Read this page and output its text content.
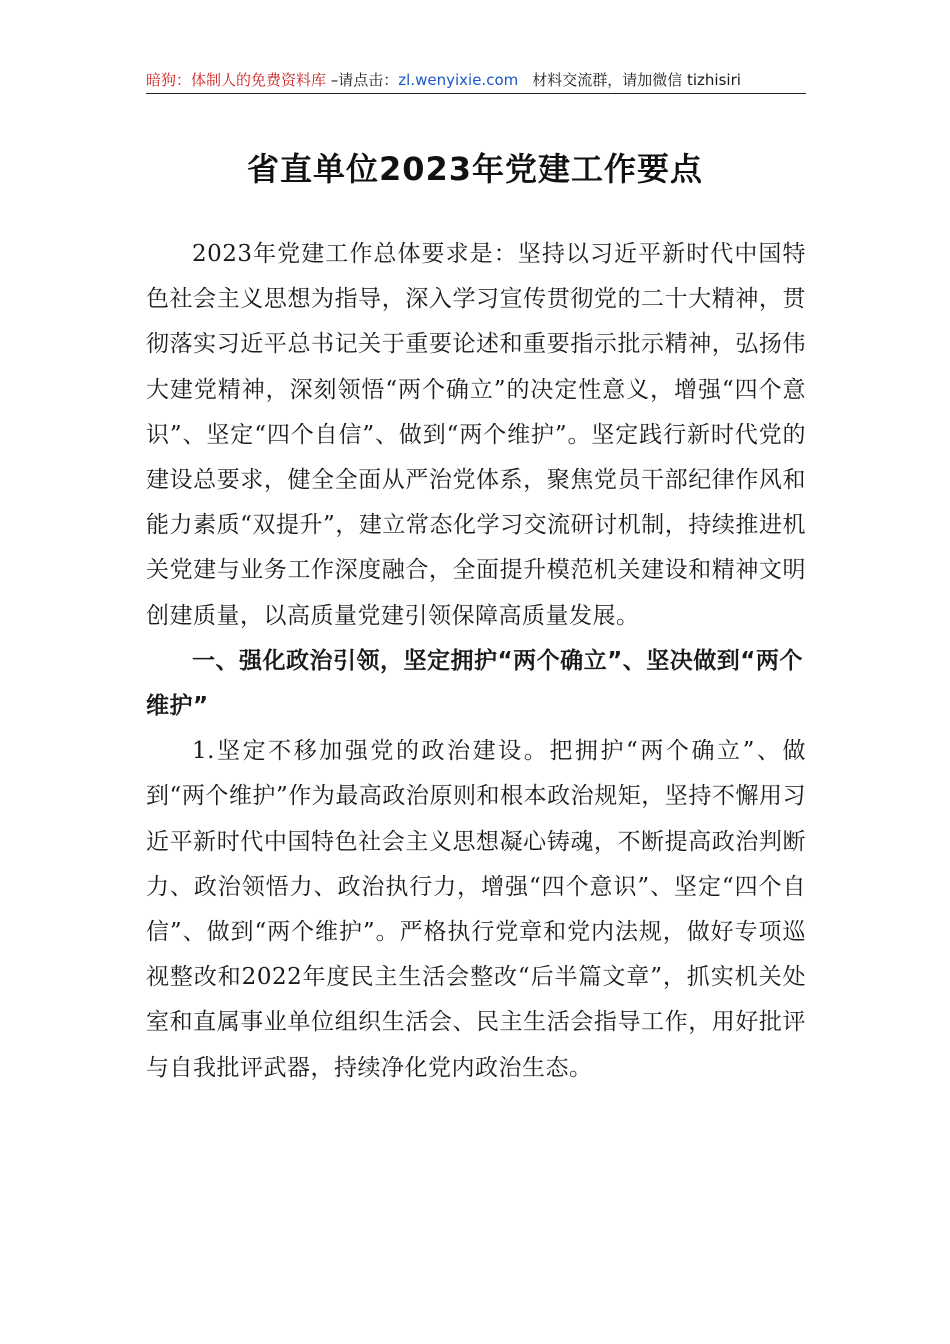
暗狗：体制人的免费资料库 –请点击：zl.wenyixie.com 材料交流群，请加微信 tizhisiri
省直单位2023年党建工作要点

2023年党建工作总体要求是：坚持以习近平新时代中国特色社会主义思想为指导，深入学习宣传贯彻党的二十大精神，贯彻落实习近平总书记关于重要论述和重要指示批示精神，弘扬伟大建党精神，深刻领悟“两个确立”的决定性意义，增强“四个意识”、坚定“四个自信”、做到“两个维护”。坚定践行新时代党的建设总要求，健全全面从严治党体系，聚焦党员干部纪律作风和能力素质“双提升”，建立常态化学习交流研讨机制，持续推进机关党建与业务工作深度融合，全面提升模范机关建设和精神文明创建质量，以高质量党建引领保障高质量发展。

一、强化政治引领，坚定拥护“两个确立”、坚决做到“两个维护”

1.坚定不移加强党的政治建设。把拥护“两个确立”、做到“两个维护”作为最高政治原则和根本政治规矩，坚持不懈用习近平新时代中国特色社会主义思想凝心铸魂，不断提高政治判断力、政治领悟力、政治执行力，增强“四个意识”、坚定“四个自信”、做到“两个维护”。严格执行党章和党内法规，做好专项巡视整改和2022年度民主生活会整改“后半篇文章”，抓实机关处室和直属事业单位组织生活会、民主生活会指导工作，用好批评与自我批评武器，持续净化党内政治生态。
